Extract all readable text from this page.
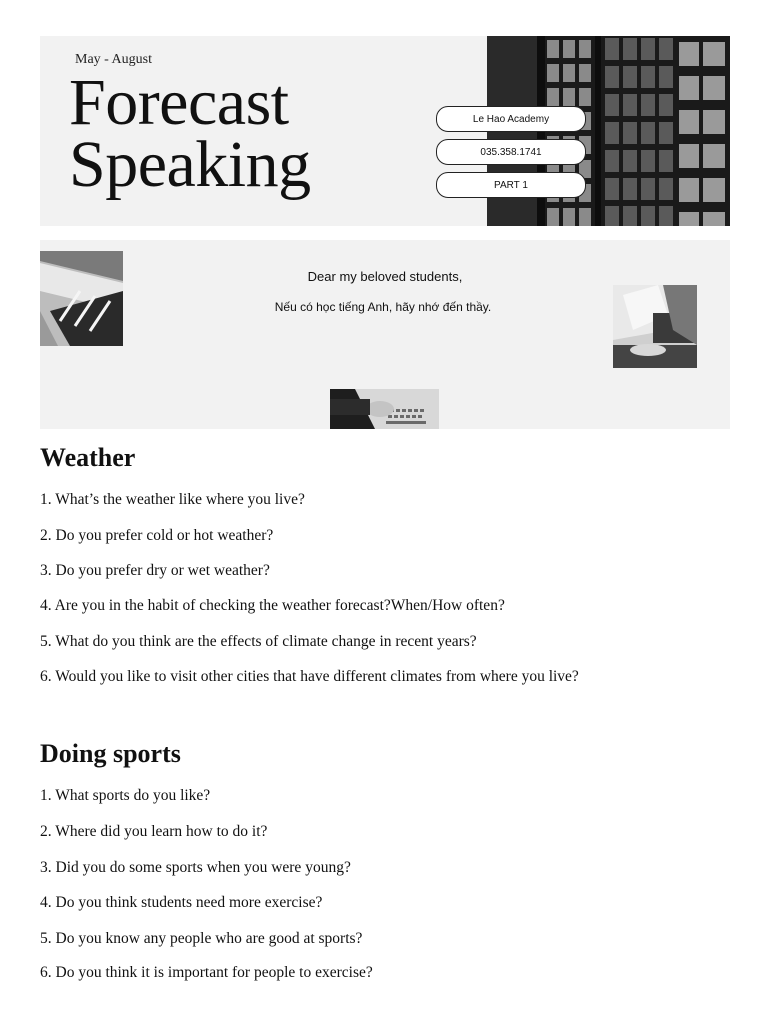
May - August
Forecast
Speaking
Le Hao Academy
035.358.1741
PART 1
Dear my beloved students,
Nếu có học tiếng Anh, hãy nhớ đến thầy.
Weather
1. What’s the weather like where you live?
2. Do you prefer cold or hot weather?
3. Do you prefer dry or wet weather?
4. Are you in the habit of checking the weather forecast?When/How often?
5. What do you think are the effects of climate change in recent years?
6. Would you like to visit other cities that have different climates from where you live?
Doing sports
1. What sports do you like?
2. Where did you learn how to do it?
3. Did you do some sports when you were young?
4. Do you think students need more exercise?
5. Do you know any people who are good at sports?
6. Do you think it is important for people to exercise?
